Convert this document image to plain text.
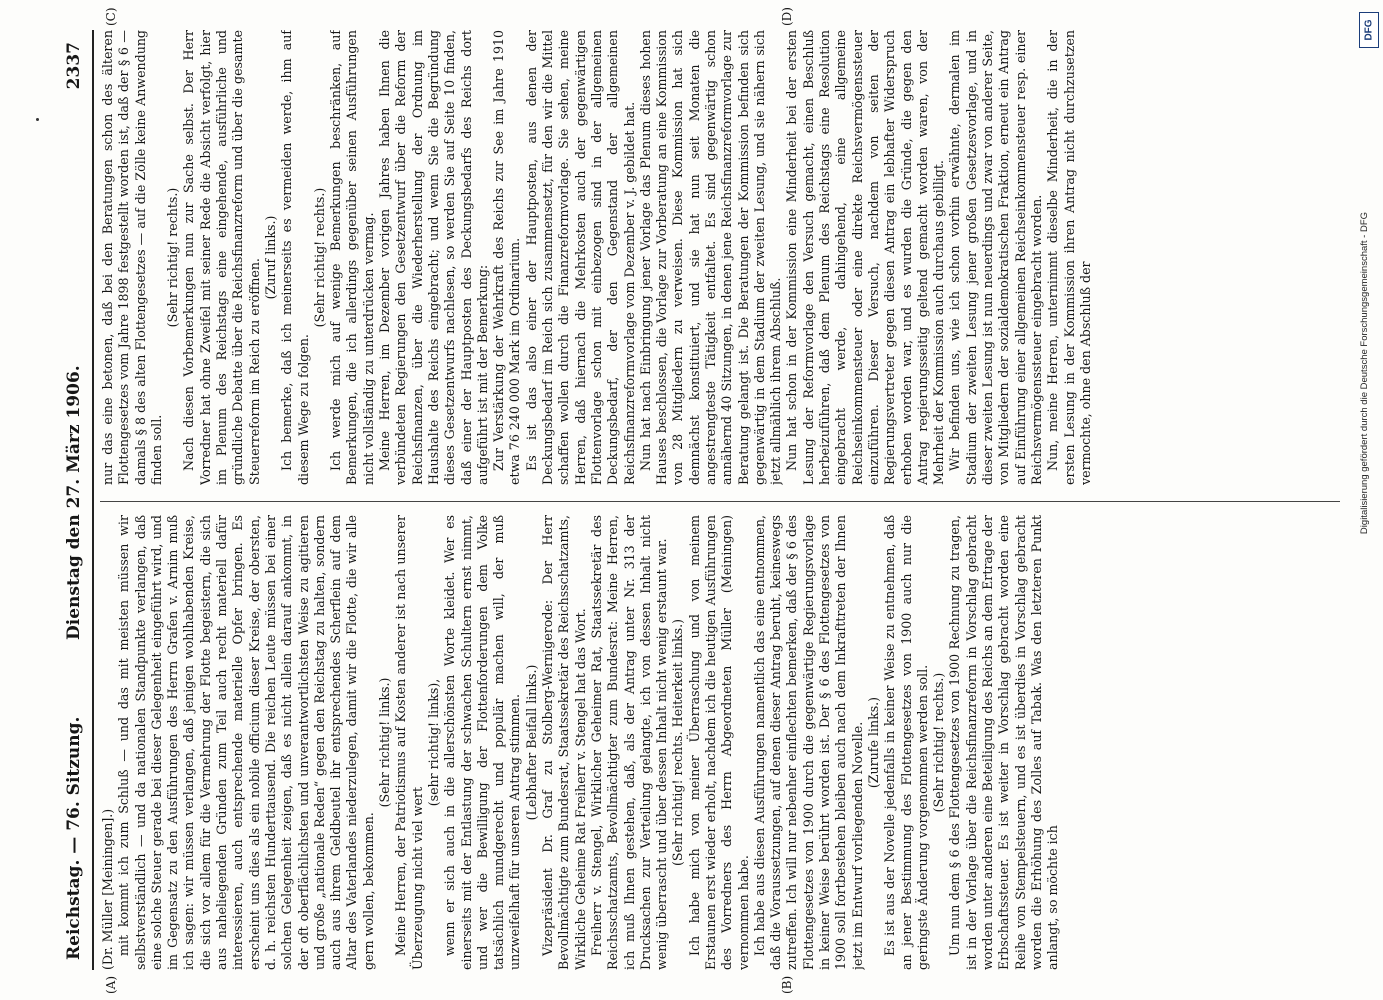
Reichstag. — 76. Sitzung.
Dienstag den 27. März 1906.
2337
(A)	(B)
(C)	(D)

(Dr. Müller [Meiningen].) mit kommt ich zum Schluß — und das mit meisten müssen wir selbstverständlich — und da nationalen Standpunkte verlangen, daß eine solche Steuer gerade bei dieser Gelegenheit eingeführt wird, und im Gegensatz zu den Ausführungen des Herrn Grafen v. Arnim muß ich sagen: wir müssen verlangen, daß jenigen wohlhabenden Kreise, die sich vor allem für die Vermehrung der Flotte begeistern, die sich aus naheliegenden Gründen zum Teil auch recht materiell dafür interessieren, auch entsprechende materielle Opfer bringen. Es erscheint uns dies als ein nobile officium dieser Kreise, der obersten, d. h. reichsten Hunderttausend. Die reichen Leute müssen bei einer solchen Gelegenheit zeigen, daß es nicht allein darauf ankommt, in der oft oberflächlichsten und unverantwortlichsten Weise zu agitieren und große „nationale Reden“ gegen den Reichstag zu halten, sondern auch aus ihrem Geldbeutel ihr entsprechendes Scherflein auf dem Altar des Vaterlandes niederzulegen, damit wir die Flotte, die wir alle gern wollen, bekommen.

(Sehr richtig! links.) Meine Herren, der Patriotismus auf Kosten anderer ist nach unserer Überzeugung nicht viel wert

(sehr richtig! links), wenn er sich auch in die allerschönsten Worte kleidet. Wer es einerseits mit der Entlastung der schwachen Schultern ernst nimmt, und wer die Bewilligung der Flottenforderungen dem Volke tatsächlich mundgerecht und populär machen will, der muß unzweifelhaft für unseren Antrag stimmen. (Lebhafter Beifall links.) Vizepräsident Dr. Graf zu Stolberg-Wernigerode: Der Herr Bevollmächtigte zum Bundesrat, Staatssekretär des Reichsschatzamts, Wirkliche Geheime Rat Freiherr v. Stengel hat das Wort. Freiherr v. Stengel, Wirklicher Geheimer Rat, Staatssekretär des Reichsschatzamts, Bevollmächtigter zum Bundesrat: Meine Herren, ich muß Ihnen gestehen, daß, als der Antrag unter Nr. 313 der Drucksachen zur Verteilung gelangte, ich von dessen Inhalt nicht wenig überrascht und über dessen Inhalt nicht wenig erstaunt war. (Sehr richtig! rechts. Heiterkeit links.) Ich habe mich von meiner Überraschung und von meinem Erstaunen erst wieder erholt, nachdem ich die heutigen Ausführungen des Vorredners des Herrn Abgeordneten Müller (Meiningen) vernommen habe. Ich habe aus diesen Ausführungen namentlich das eine entnommen, daß die Voraussetzungen, auf denen dieser Antrag beruht, keineswegs zutreffen. Ich will nur nebenher einflechten bemerken, daß der § 6 des Flottengesetzes von 1900 durch die gegenwärtige Regierungsvorlage in keiner Weise berührt worden ist. Der § 6 des Flottengesetzes von 1900 soll fortbestehen bleiben auch nach dem Inkrafttreten der Ihnen jetzt im Entwurf vorliegenden Novelle. (Zurufe links.) Es ist aus der Novelle jedenfalls in keiner Weise zu entnehmen, daß an jener Bestimmung des Flottengesetzes von 1900 auch nur die geringste Änderung vorgenommen werden soll. (Sehr richtig! rechts.) Um nun dem § 6 des Flottengesetzes von 1900 Rechnung zu tragen, ist in der Vorlage über die Reichsfinanzreform in Vorschlag gebracht worden unter anderen eine Beteiligung des Reichs an dem Ertrage der Erbschaftssteuer. Es ist weiter in Vorschlag gebracht worden eine Reihe von Stempelsteuern, und es ist überdies in Vorschlag gebracht worden die Erhöhung des Zolles auf Tabak. Was den letzteren Punkt anlangt, so möchte ich

nur das eine betonen, daß bei den Beratungen schon des älteren Flottengesetzes vom Jahre 1898 festgestellt worden ist, daß der § 6 — damals § 8 des alten Flottengesetzes — auf die Zölle keine Anwendung finden soll.

(Sehr richtig! rechts.) Nach diesen Vorbemerkungen nun zur Sache selbst. Der Herr Vorredner hat ohne Zweifel mit seiner Rede die Absicht verfolgt, hier im Plenum des Reichstags eine eingehende, ausführliche und gründliche Debatte über die Reichsfinanzreform und über die gesamte Steuerreform im Reich zu eröffnen.

(Zuruf links.) Ich bemerke, daß ich meinerseits es vermeiden werde, ihm auf diesem Wege zu folgen.

(Sehr richtig! rechts.) Ich werde mich auf wenige Bemerkungen beschränken, auf Bemerkungen, die ich allerdings gegenüber seinen Ausführungen nicht vollständig zu unterdrücken vermag. Meine Herren, im Dezember vorigen Jahres haben Ihnen die verbündeten Regierungen den Gesetzentwurf über die Reform der Reichsfinanzen, über die Wiederherstellung der Ordnung im Haushalte des Reichs eingebracht; und wenn Sie die Begründung dieses Gesetzentwurfs nachlesen, so werden Sie auf Seite 10 finden, daß einer der Hauptposten des Deckungsbedarfs des Reichs dort aufgeführt ist mit der Bemerkung: Zur Verstärkung der Wehrkraft des Reichs zur See im Jahre 1910 etwa 76 240 000 Mark im Ordinarium. Es ist das also einer der Hauptposten, aus denen der Deckungsbedarf im Reich sich zusammensetzt, für den wir die Mittel schaffen wollen durch die Finanzreformvorlage. Sie sehen, meine Herren, daß hiernach die Mehrkosten auch der gegenwärtigen Flottenvorlage schon mit einbezogen sind in der allgemeinen Deckungsbedarf, der den Gegenstand der allgemeinen Reichsfinanzreformvorlage vom Dezember v. J. gebildet hat. Nun hat nach Einbringung jener Vorlage das Plenum dieses hohen Hauses beschlossen, die Vorlage zur Vorberatung an eine Kommission von 28 Mitgliedern zu verweisen. Diese Kommission hat sich demnächst konstituiert, und sie hat nun seit Monaten die angestrengteste Tätigkeit entfaltet. Es sind gegenwärtig schon annähernd 40 Sitzungen, in denen jene Reichsfinanzreformvorlage zur Beratung gelangt ist. Die Beratungen der Kommission befinden sich gegenwärtig in dem Stadium der zweiten Lesung, und sie nähern sich jetzt allmählich ihrem Abschluß. Nun hat schon in der Kommission eine Minderheit bei der ersten Lesung der Reformvorlage den Versuch gemacht, einen Beschluß herbeizuführen, daß dem Plenum des Reichstags eine Resolution eingebracht werde, dahingehend, eine allgemeine Reichseinkommensteuer oder eine direkte Reichsvermögenssteuer einzuführen. Dieser Versuch, nachdem von seiten der Regierungsvertreter gegen diesen Antrag ein lebhafter Widerspruch erhoben worden war, und es wurden die Gründe, die gegen den Antrag regierungsseitig geltend gemacht worden waren, von der Mehrheit der Kommission auch durchaus gebilligt. Wir befinden uns, wie ich schon vorhin erwähnte, dermalen im Stadium der zweiten Lesung jener großen Gesetzesvorlage, und in dieser zweiten Lesung ist nun neuerdings und zwar von anderer Seite, von Mitgliedern der sozialdemokratischen Fraktion, erneut ein Antrag auf Einführung einer allgemeinen Reichseinkommensteuer resp. einer Reichsvermögenssteuer eingebracht worden. Nun, meine Herren, unternimmt dieselbe Minderheit, die in der ersten Lesung in der Kommission ihren Antrag nicht durchzusetzen vermochte, ohne den Abschluß der

DFG
Digitalisierung gefördert durch die Deutsche Forschungsgemeinschaft - DFG
